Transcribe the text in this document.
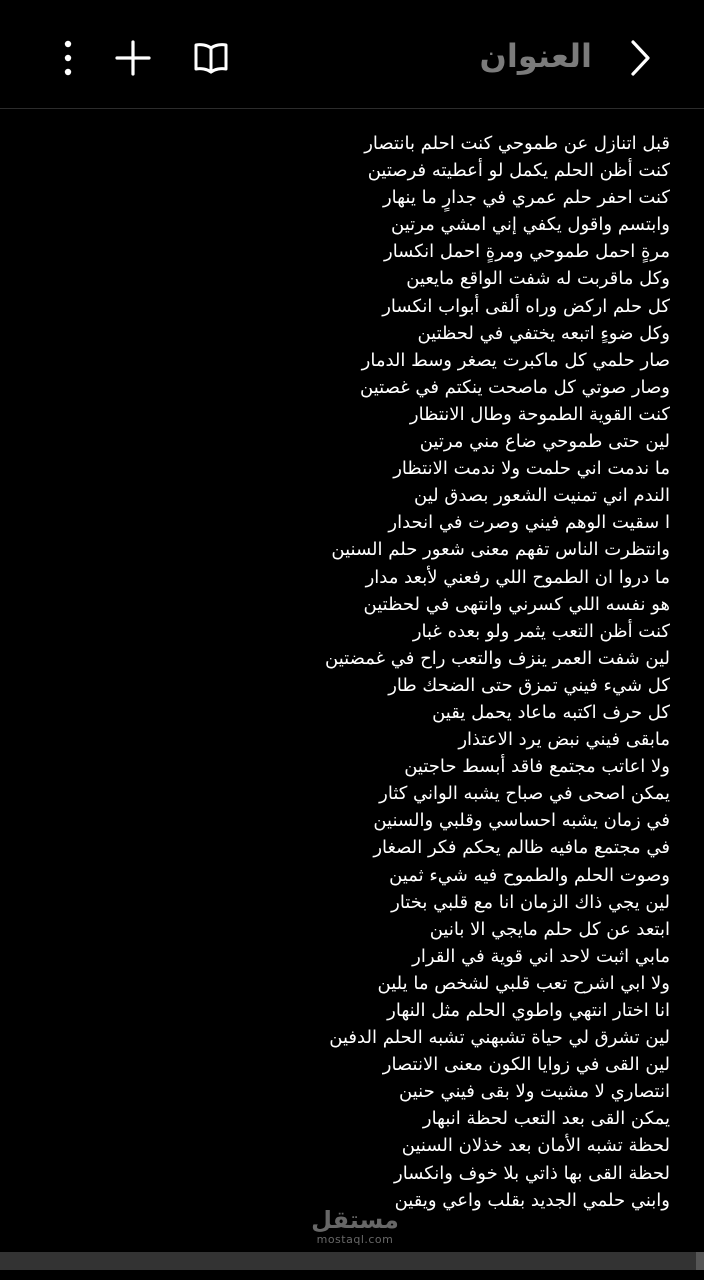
العنوان
قبل اتنازل عن طموحي كنت احلم بانتصار
كنت أظن الحلم يكمل لو أعطيته فرصتين
كنت احفر حلم عمري في جدارٍ ما ينهار
وابتسم واقول يكفي إني امشي مرتين
مرةٍ احمل طموحي ومرةٍ احمل انكسار
وكل ماقربت له شفت الواقع مايعين
كل حلم اركض وراه ألقى أبواب انكسار
وكل ضوءٍ اتبعه يختفي في لحظتين
صار حلمي كل ماكبرت يصغر وسط الدمار
وصار صوتي كل ماصحت ينكتم في غصتين
كنت القوية الطموحة وطال الانتظار
لين حتى طموحي ضاع مني مرتين
ما ندمت اني حلمت ولا ندمت الانتظار
الندم اني تمنيت الشعور بصدق لين
ا سقيت الوهم فيني وصرت في انحدار
وانتظرت الناس تفهم معنى شعور حلم السنين
ما دروا ان الطموح اللي رفعني لأبعد مدار
هو نفسه اللي كسرني وانتهى في لحظتين
كنت أظن التعب يثمر ولو بعده غبار
لين شفت العمر ينزف والتعب راح في غمضتين
كل شيء فيني تمزق حتى الضحك طار
كل حرف اكتبه ماعاد يحمل يقين
مابقى فيني نبض يرد الاعتذار
ولا اعاتب مجتمع فاقد أبسط حاجتين
يمكن اصحى في صباح يشبه الواني كثار
في زمان يشبه احساسي وقلبي والسنين
في مجتمع مافيه ظالم يحكم فكر الصغار
وصوت الحلم والطموح فيه شيء ثمين
لين يجي ذاك الزمان انا مع قلبي بختار
ابتعد عن كل حلم مايجي الا بانين
مابي اثبت لاحد اني قوية في القرار
ولا ابي اشرح تعب قلبي لشخص ما يلين
انا اختار انتهي واطوي الحلم مثل النهار
لين تشرق لي حياة تشبهني تشبه الحلم الدفين
لين القى في زوايا الكون معنى الانتصار
انتصاري لا مشيت ولا بقى فيني حنين
يمكن القى بعد التعب لحظة انبهار
لحظة تشبه الأمان بعد خذلان السنين
لحظة القى بها ذاتي بلا خوف وانكسار
وابني حلمي الجديد بقلب واعي ويقين
مستقل
mostaql.com
